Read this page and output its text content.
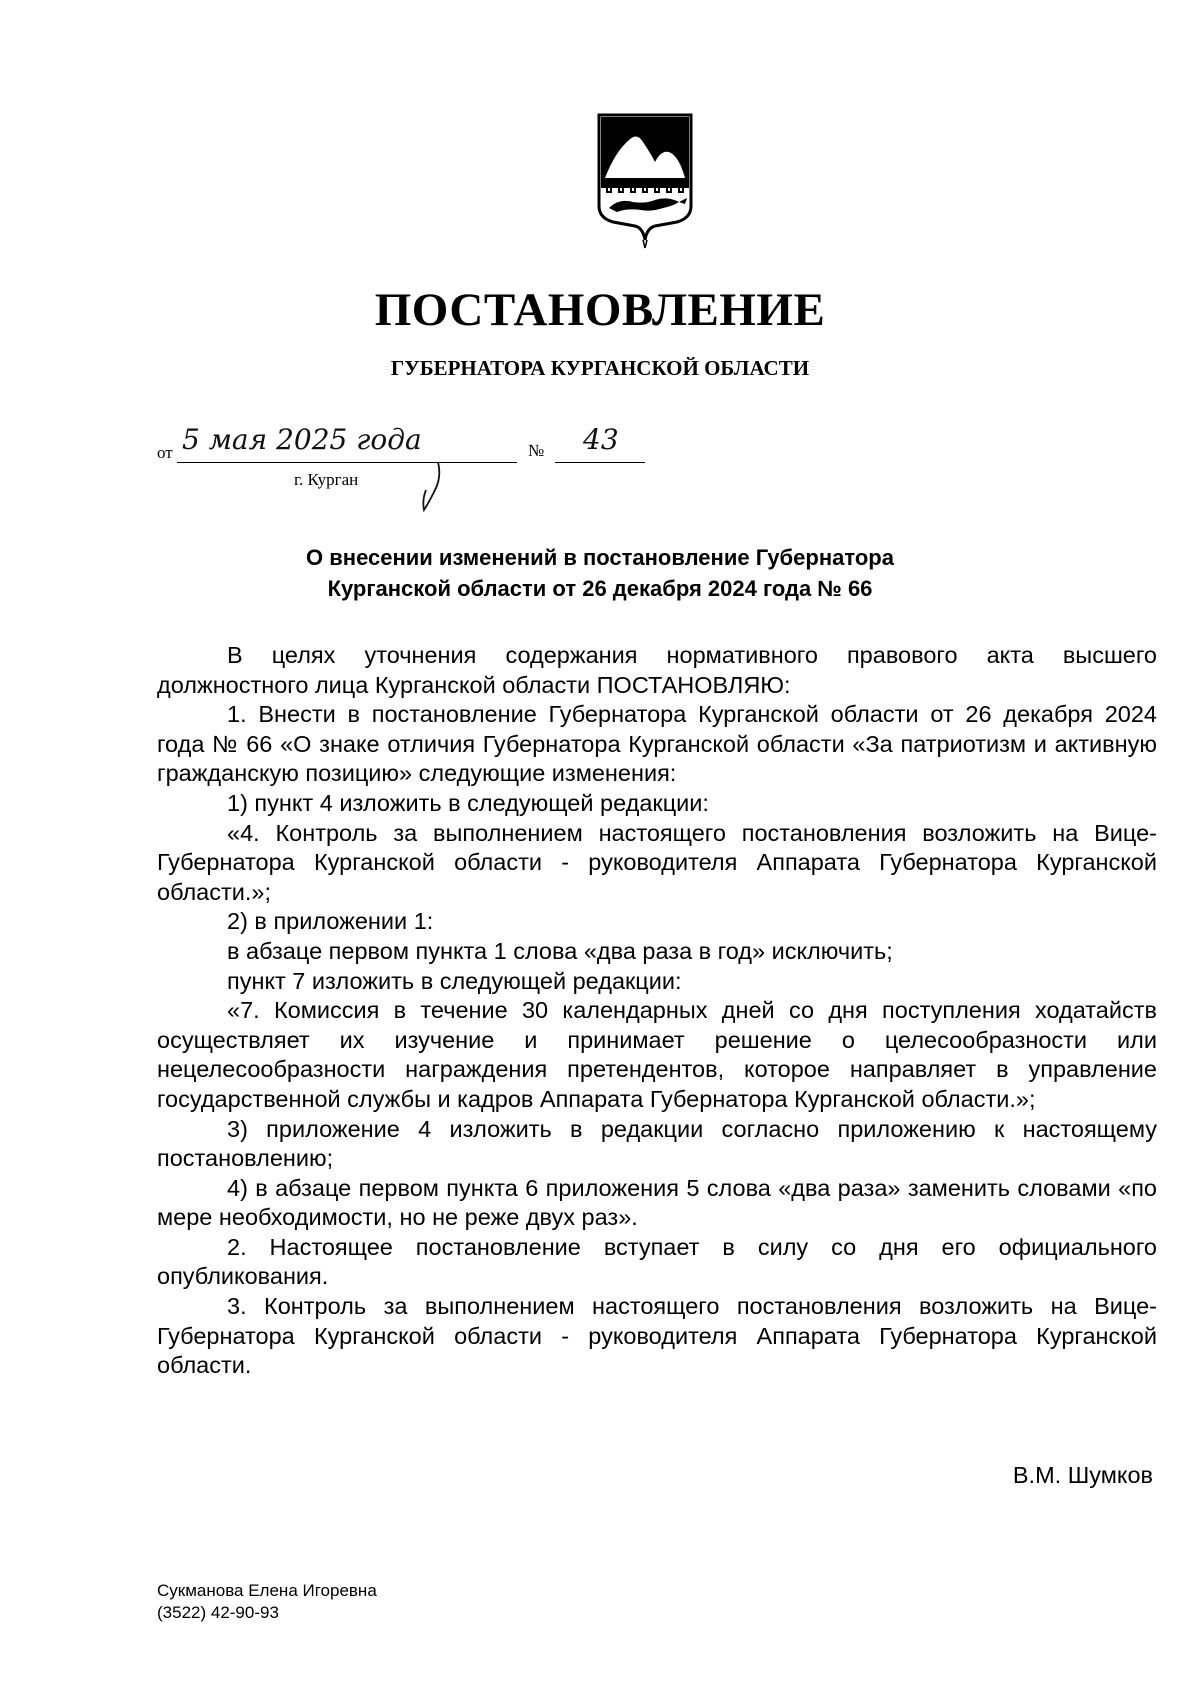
ПОСТАНОВЛЕНИЕ
ГУБЕРНАТОРА КУРГАНСКОЙ ОБЛАСТИ
от 5 мая 2025 года	№ 43
г. Курган
О внесении изменений в постановление Губернатора
Курганской области от 26 декабря 2024 года № 66

В целях уточнения содержания нормативного правового акта высшего должностного лица Курганской области ПОСТАНОВЛЯЮ:

1. Внести в постановление Губернатора Курганской области от 26 декабря 2024 года № 66 «О знаке отличия Губернатора Курганской области «За патриотизм и активную гражданскую позицию» следующие изменения:

1) пункт 4 изложить в следующей редакции:

«4. Контроль за выполнением настоящего постановления возложить на Вице-Губернатора Курганской области - руководителя Аппарата Губернатора Курганской области.»;

2) в приложении 1:

в абзаце первом пункта 1 слова «два раза в год» исключить;

пункт 7 изложить в следующей редакции:

«7. Комиссия в течение 30 календарных дней со дня поступления ходатайств осуществляет их изучение и принимает решение о целесообразности или нецелесообразности награждения претендентов, которое направляет в управление государственной службы и кадров Аппарата Губернатора Курганской области.»;

3) приложение 4 изложить в редакции согласно приложению к настоящему постановлению;

4) в абзаце первом пункта 6 приложения 5 слова «два раза» заменить словами «по мере необходимости, но не реже двух раз».

2. Настоящее постановление вступает в силу со дня его официального опубликования.

3. Контроль за выполнением настоящего постановления возложить на Вице-Губернатора Курганской области - руководителя Аппарата Губернатора Курганской области.

В.М. Шумков
Сукманова Елена Игоревна
(3522) 42-90-93
